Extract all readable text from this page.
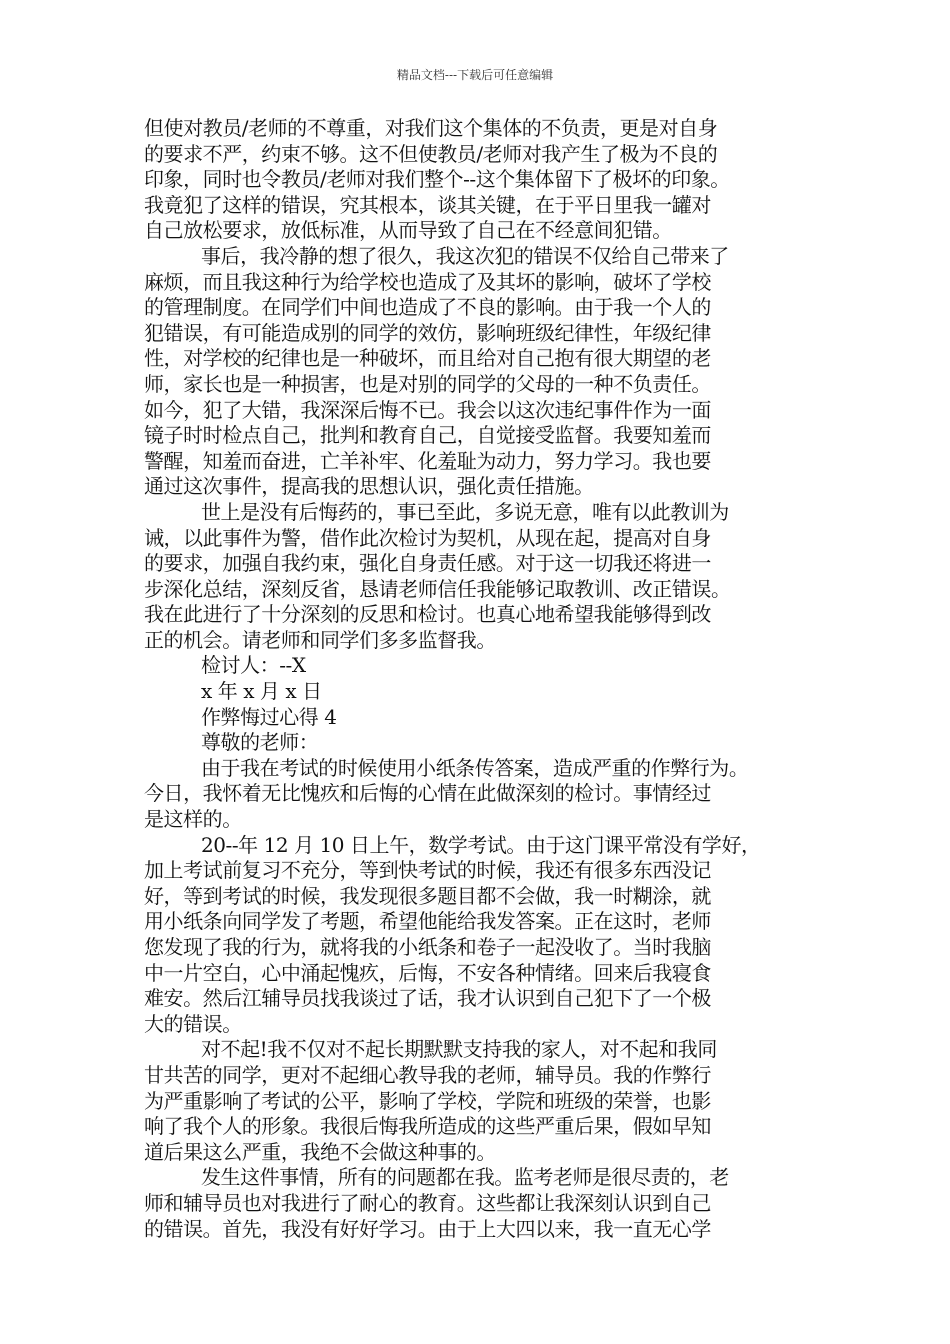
精品文档---下载后可任意编辑
但使对教员/老师的不尊重，对我们这个集体的不负责，更是对自身
的要求不严，约束不够。这不但使教员/老师对我产生了极为不良的
印象，同时也令教员/老师对我们整个--这个集体留下了极坏的印象。
我竟犯了这样的错误，究其根本，谈其关键，在于平日里我一罐对
自己放松要求，放低标准，从而导致了自己在不经意间犯错。
事后，我冷静的想了很久，我这次犯的错误不仅给自己带来了
麻烦，而且我这种行为给学校也造成了及其坏的影响，破坏了学校
的管理制度。在同学们中间也造成了不良的影响。由于我一个人的
犯错误，有可能造成别的同学的效仿，影响班级纪律性，年级纪律
性，对学校的纪律也是一种破坏，而且给对自己抱有很大期望的老
师，家长也是一种损害，也是对别的同学的父母的一种不负责任。
如今，犯了大错，我深深后悔不已。我会以这次违纪事件作为一面
镜子时时检点自己，批判和教育自己，自觉接受监督。我要知羞而
警醒，知羞而奋进，亡羊补牢、化羞耻为动力，努力学习。我也要
通过这次事件，提高我的思想认识，强化责任措施。
世上是没有后悔药的，事已至此，多说无意，唯有以此教训为
诫，以此事件为警，借作此次检讨为契机，从现在起，提高对自身
的要求，加强自我约束，强化自身责任感。对于这一切我还将进一
步深化总结，深刻反省，恳请老师信任我能够记取教训、改正错误。
我在此进行了十分深刻的反思和检讨。也真心地希望我能够得到改
正的机会。请老师和同学们多多监督我。
检讨人：--X
x 年 x 月 x 日
作弊悔过心得 4
尊敬的老师：
由于我在考试的时候使用小纸条传答案，造成严重的作弊行为。
今日，我怀着无比愧疚和后悔的心情在此做深刻的检讨。事情经过
是这样的。
20--年 12 月 10 日上午，数学考试。由于这门课平常没有学好，
加上考试前复习不充分，等到快考试的时候，我还有很多东西没记
好，等到考试的时候，我发现很多题目都不会做，我一时糊涂，就
用小纸条向同学发了考题，希望他能给我发答案。正在这时，老师
您发现了我的行为，就将我的小纸条和卷子一起没收了。当时我脑
中一片空白，心中涌起愧疚，后悔，不安各种情绪。回来后我寝食
难安。然后江辅导员找我谈过了话，我才认识到自己犯下了一个极
大的错误。
对不起!我不仅对不起长期默默支持我的家人，对不起和我同
甘共苦的同学，更对不起细心教导我的老师，辅导员。我的作弊行
为严重影响了考试的公平，影响了学校，学院和班级的荣誉，也影
响了我个人的形象。我很后悔我所造成的这些严重后果，假如早知
道后果这么严重，我绝不会做这种事的。
发生这件事情，所有的问题都在我。监考老师是很尽责的，老
师和辅导员也对我进行了耐心的教育。这些都让我深刻认识到自己
的错误。首先，我没有好好学习。由于上大四以来，我一直无心学
